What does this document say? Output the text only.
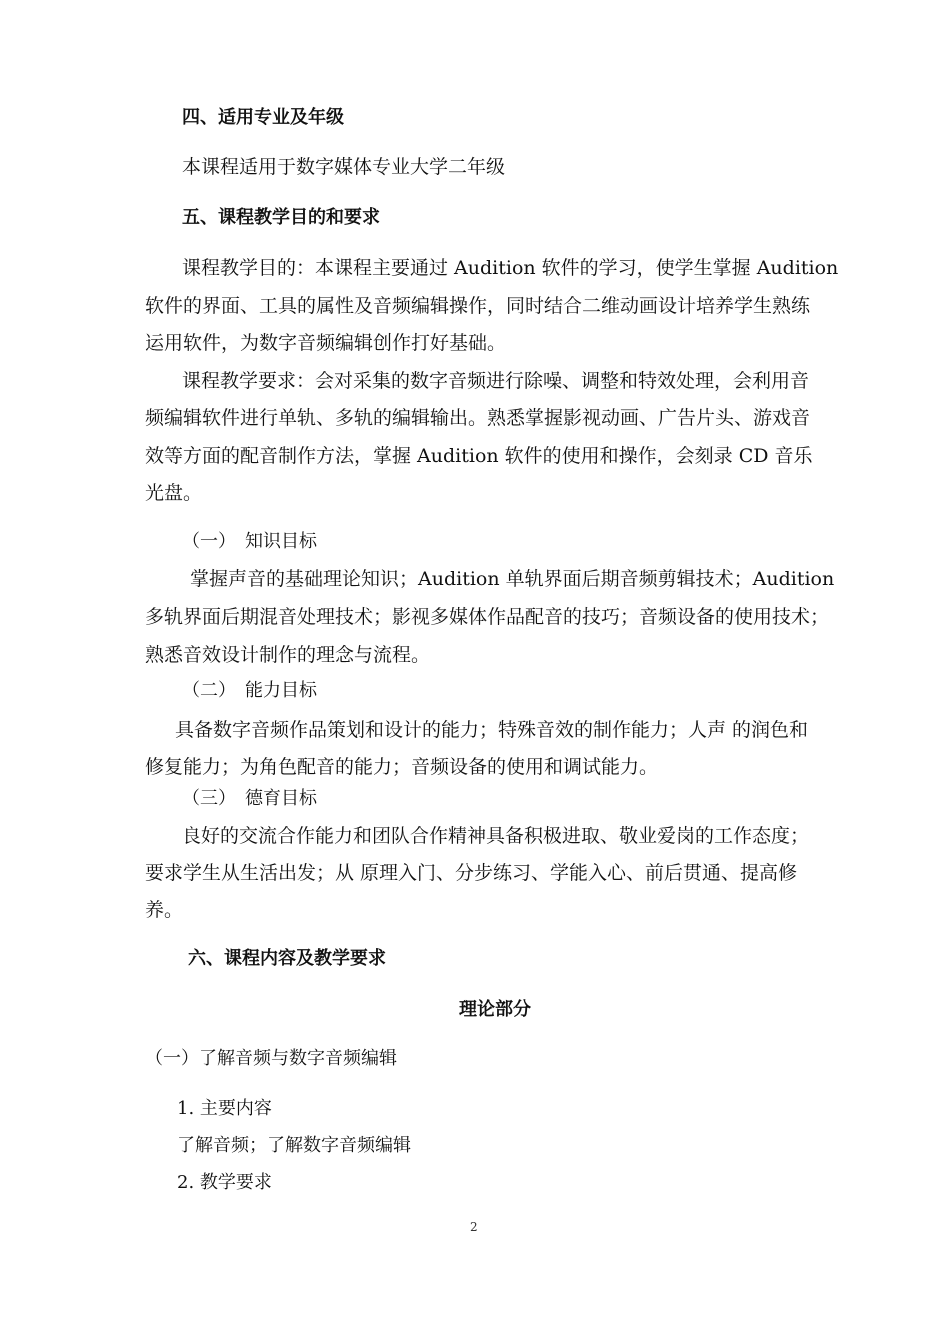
四、适用专业及年级
本课程适用于数字媒体专业大学二年级
五、课程教学目的和要求
课程教学目的：本课程主要通过 Audition 软件的学习，使学生掌握 Audition
软件的界面、工具的属性及音频编辑操作，同时结合二维动画设计培养学生熟练
运用软件，为数字音频编辑创作打好基础。
课程教学要求：会对采集的数字音频进行除噪、调整和特效处理，会利用音
频编辑软件进行单轨、多轨的编辑输出。熟悉掌握影视动画、广告片头、游戏音
效等方面的配音制作方法，掌握 Audition 软件的使用和操作，会刻录 CD 音乐
光盘。
（一）　知识目标
掌握声音的基础理论知识；Audition 单轨界面后期音频剪辑技术；Audition
多轨界面后期混音处理技术；影视多媒体作品配音的技巧；音频设备的使用技术；
熟悉音效设计制作的理念与流程。
（二）　能力目标
具备数字音频作品策划和设计的能力；特殊音效的制作能力；人声 的润色和
修复能力；为角色配音的能力；音频设备的使用和调试能力。
（三）　德育目标
良好的交流合作能力和团队合作精神具备积极进取、敬业爱岗的工作态度；
要求学生从生活出发；从 原理入门、分步练习、学能入心、前后贯通、提高修
养。
六、课程内容及教学要求
理论部分
（一）了解音频与数字音频编辑
1. 主要内容
了解音频；了解数字音频编辑
2. 教学要求
2
